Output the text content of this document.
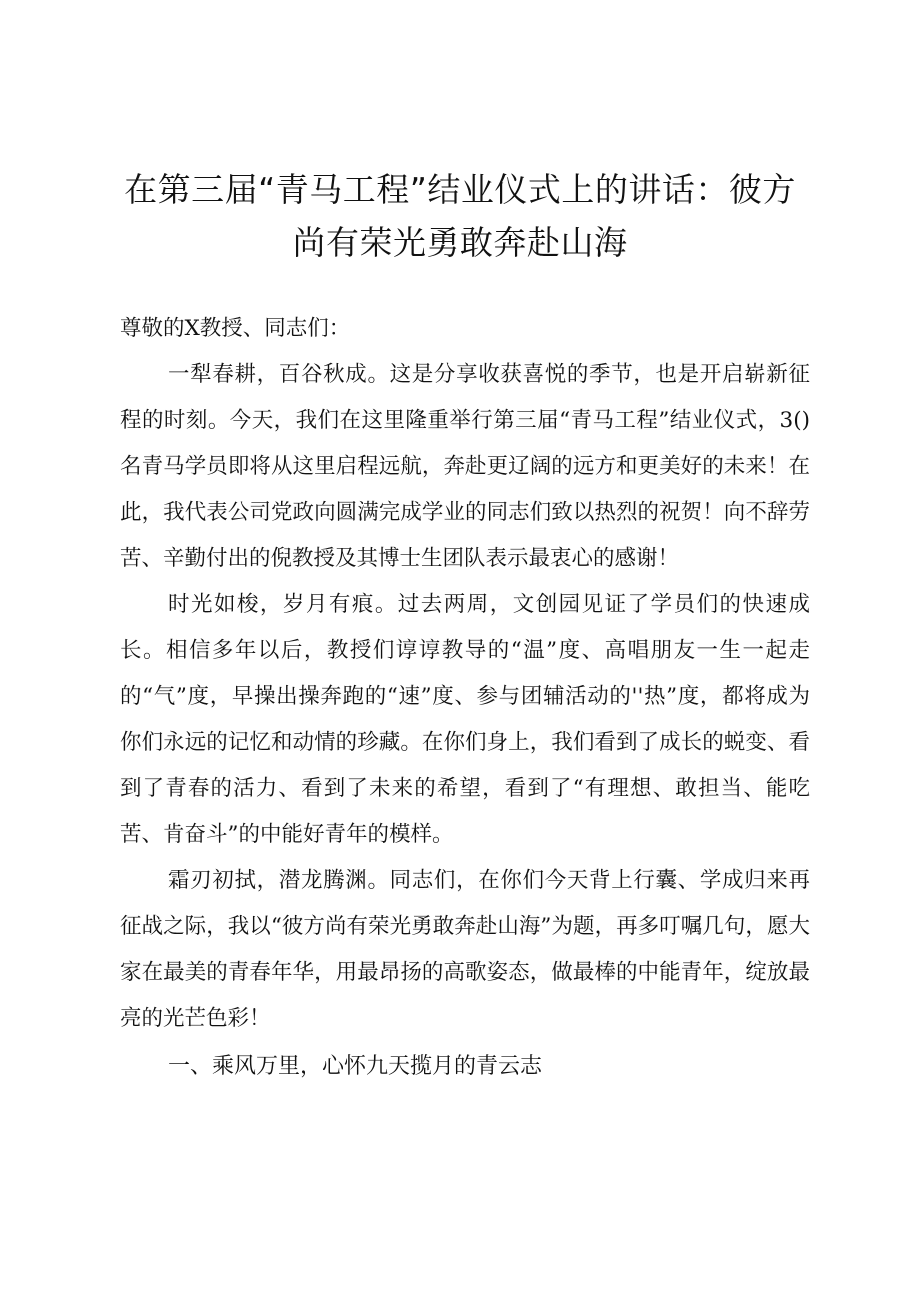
在第三届“青马工程”结业仪式上的讲话：彼方
尚有荣光勇敢奔赴山海

尊敬的X教授、同志们：

一犁春耕，百谷秋成。这是分享收获喜悦的季节，也是开启崭新征程的时刻。今天，我们在这里隆重举行第三届“青马工程”结业仪式，3()名青马学员即将从这里启程远航，奔赴更辽阔的远方和更美好的未来！在此，我代表公司党政向圆满完成学业的同志们致以热烈的祝贺！向不辞劳苦、辛勤付出的倪教授及其博士生团队表示最衷心的感谢！

时光如梭，岁月有痕。过去两周，文创园见证了学员们的快速成长。相信多年以后，教授们谆谆教导的“温”度、高唱朋友一生一起走的“气”度，早操出操奔跑的“速”度、参与团辅活动的''热”度，都将成为你们永远的记忆和动情的珍藏。在你们身上，我们看到了成长的蜕变、看到了青春的活力、看到了未来的希望，看到了“有理想、敢担当、能吃苦、肯奋斗”的中能好青年的模样。

霜刃初拭，潜龙腾渊。同志们，在你们今天背上行囊、学成归来再征战之际，我以“彼方尚有荣光勇敢奔赴山海”为题，再多叮嘱几句，愿大家在最美的青春年华，用最昂扬的高歌姿态，做最棒的中能青年，绽放最亮的光芒色彩！

一、乘风万里，心怀九天揽月的青云志
